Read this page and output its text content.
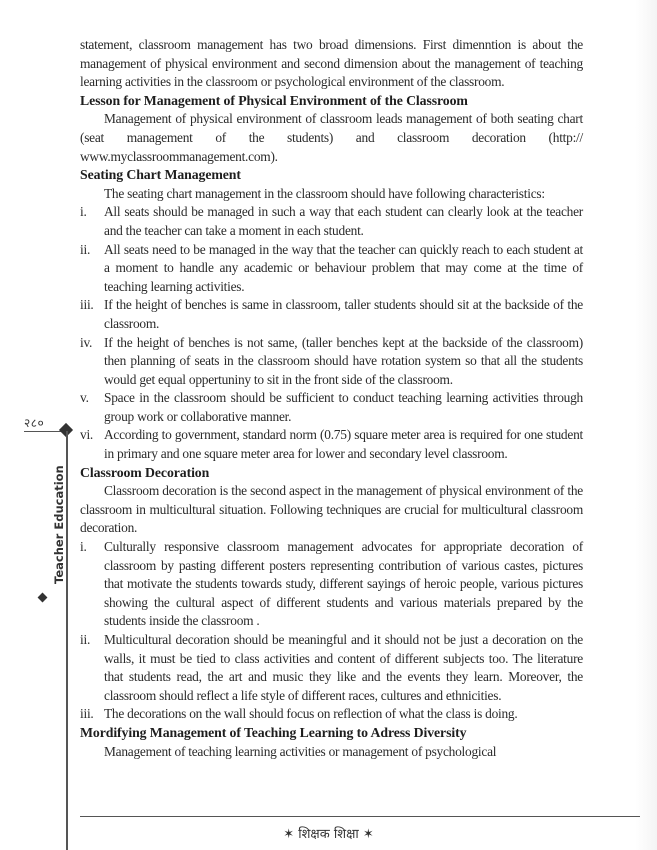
statement, classroom management has two broad dimensions. First dimenntion is about the management of physical environment and second dimension about the management of teaching learning activities in the classroom or psychological environment of the classroom.

Lesson for Management of Physical Environment of the Classroom

Management of physical environment of classroom leads management of both seating chart (seat management of the students) and classroom decoration (http:// www.myclassroommanagement.com).

Seating Chart Management

The seating chart management in the classroom should have following characteristics:

i.	All seats should be managed in such a way that each student can clearly look at the teacher and the teacher can take a moment in each student.
ii.	All seats need to be managed in the way that the teacher can quickly reach to each student at a moment to handle any academic or behaviour problem that may come at the time of teaching learning activities.
iii. If the height of benches is same in classroom, taller students should sit at the backside of the classroom.
iv. If the height of benches is not same, (taller benches kept at the backside of the classroom) then planning of seats in the classroom should have rotation system so that all the students would get equal oppertuniny to sit in the front side of the classroom.
v.	Space in the classroom should be sufficient to conduct teaching learning activities through group work or collaborative manner.
vi. According to government, standard norm (0.75) square meter area is required for one student in primary and one square meter area for lower and secondary level classroom.

Classroom Decoration

Classroom decoration is the second aspect in the management of physical environment of the classroom in multicultural situation. Following techniques are crucial for multicultural classroom decoration.

i.	Culturally responsive classroom management advocates for appropriate decoration of classroom by pasting different posters representing contribution of various castes, pictures that motivate the students towards study, different sayings of heroic people, various pictures showing the cultural aspect of different students and various materials prepared by the students inside the classroom .
ii.	Multicultural decoration should be meaningful and it should not be just a decoration on the walls, it must be tied to class activities and content of different subjects too. The literature that students read, the art and music they like and the events they learn. Moreover, the classroom should reflect a life style of different races, cultures and ethnicities.
iii. The decorations on the wall should focus on reflection of what the class is doing.

Mordifying Management of Teaching Learning to Adress Diversity

Management of teaching learning activities or management of psychological

२८०
Teacher Education
✶ शिक्षक शिक्षा ✶
